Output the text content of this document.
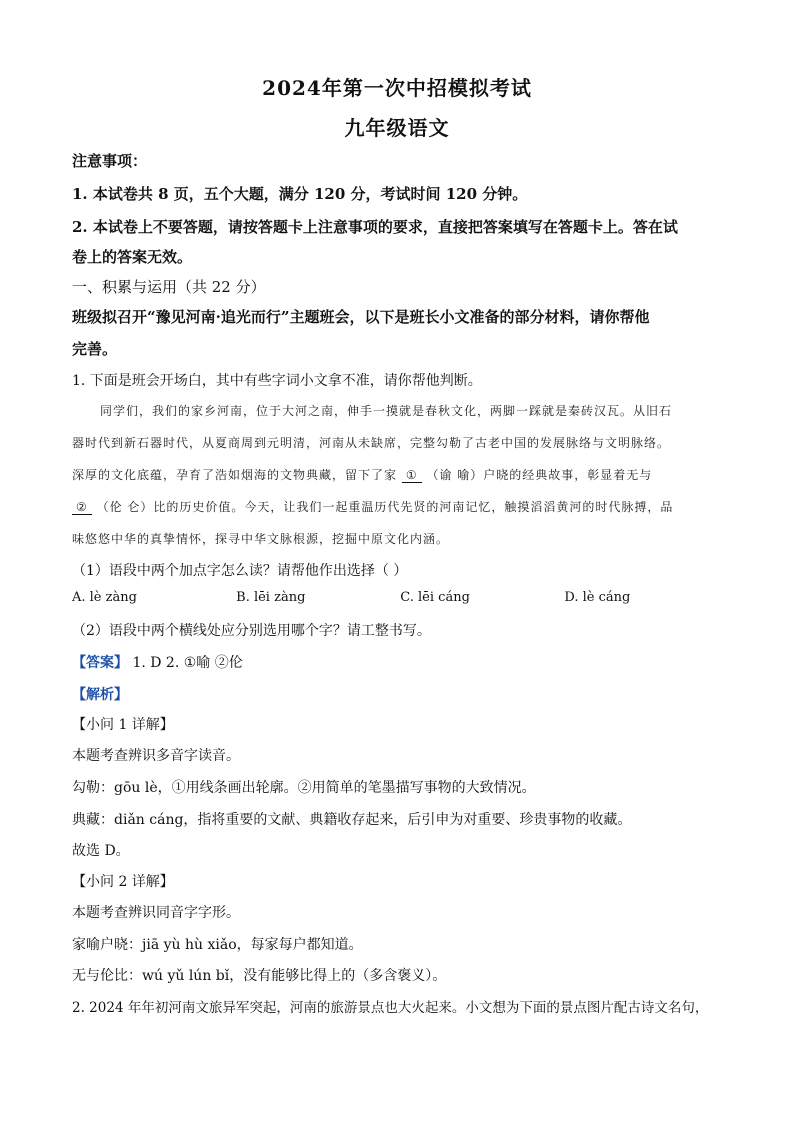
2024年第一次中招模拟考试
九年级语文
注意事项：
1. 本试卷共 8 页，五个大题，满分 120 分，考试时间 120 分钟。
2. 本试卷上不要答题，请按答题卡上注意事项的要求，直接把答案填写在答题卡上。答在试
卷上的答案无效。
一、积累与运用（共 22 分）
班级拟召开“豫见河南·追光而行”主题班会，以下是班长小文准备的部分材料，请你帮他
完善。
1. 下面是班会开场白，其中有些字词小文拿不准，请你帮他判断。
同学们，我们的家乡河南，位于大河之南，伸手一摸就是春秋文化，两脚一踩就是秦砖汉瓦。从旧石
器时代到新石器时代，从夏商周到元明清，河南从未缺席，完整勾勒了古老中国的发展脉络与文明脉络。
深厚的文化底蕴，孕育了浩如烟海的文物典藏，留下了家 ① （谕 喻）户晓的经典故事，彰显着无与
② （伦 仑）比的历史价值。今天，让我们一起重温历代先贤的河南记忆，触摸滔滔黄河的时代脉搏，品
味悠悠中华的真挚情怀，探寻中华文脉根源，挖掘中原文化内涵。
（1）语段中两个加点字怎么读？请帮他作出选择（ ）
A. lè zàng	B. lēi zàng	C. lēi cáng	D. lè cáng
（2）语段中两个横线处应分别选用哪个字？请工整书写。
【答案】 1. D 2. ①喻 ②伦
【解析】
【小问 1 详解】
本题考查辨识多音字读音。
勾勒：gōu lè，①用线条画出轮廓。②用简单的笔墨描写事物的大致情况。
典藏：diǎn cáng，指将重要的文献、典籍收存起来，后引申为对重要、珍贵事物的收藏。
故选 D。
【小问 2 详解】
本题考查辨识同音字字形。
家喻户晓：jiā yù hù xiǎo，每家每户都知道。
无与伦比：wú yǔ lún bǐ，没有能够比得上的（多含褒义）。
2. 2024 年年初河南文旅异军突起，河南的旅游景点也大火起来。小文想为下面的景点图片配古诗文名句，
